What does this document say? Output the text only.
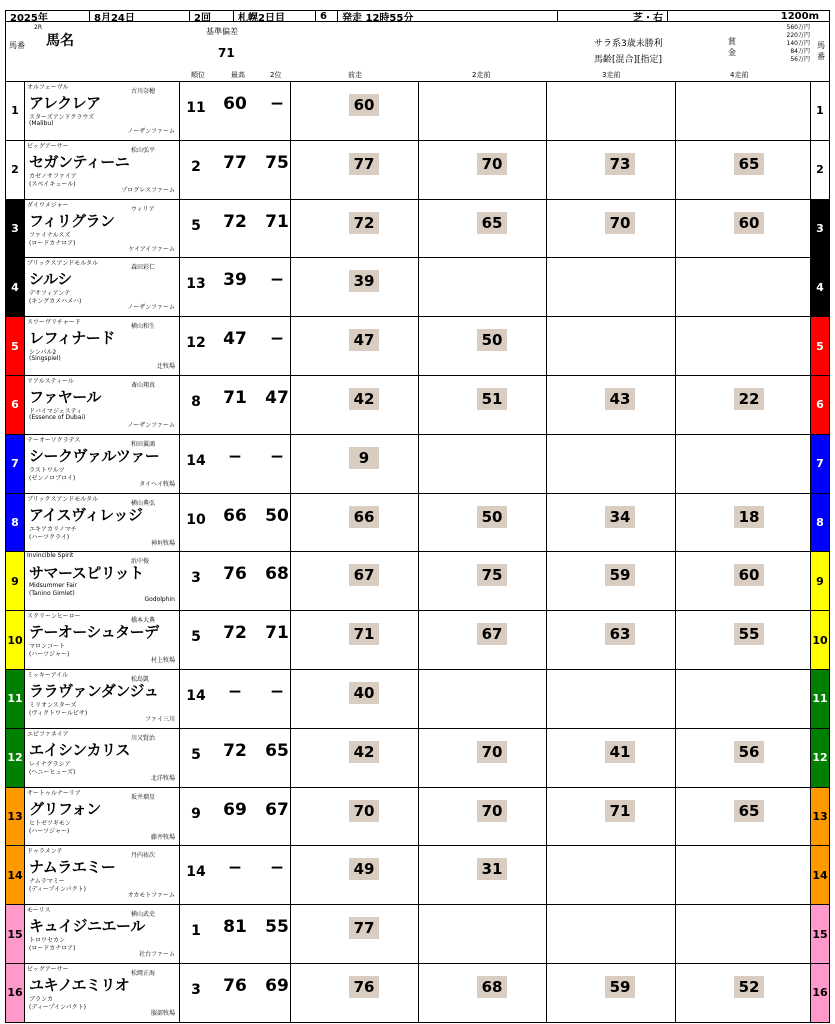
2025年	8月24日	2回	札幌2日目	6	発走 12時55分	芝・右	1200m
馬番
2R
馬名
基準偏差
71
順位	最高	2位	前走	2走前	3走前	4走前
サラ系3歳未勝利
馬齢[混合][指定]
賞金
560万円
220万円
140万円
84万円
56万円
馬番
1	1
オルフェーヴル
アレクレア
スターズアンドクラウズ
(Malibu)
ノーザンファーム
古川奈穂
11	60	−	60
2	2
ビッグアーサー
セガンティーニ
カゼノサファイア
(スペイキュール)
プログレスファーム
松山弘平
2	77	75	77	70	73	65
3	3
ダイワメジャー
フィリグラン
ファイナルスズ
(ロードカナロア)
ケイアイファーム
ウィリア
5	72	71	72	65	70	60
4	4
ブリックスアンドモルタル
シルシ
デサフィアンテ
(キングカメハメハ)
ノーザンファーム
森田彩仁
13	39	−	39
5	5
スワーヴリチャード
レフィナード
シンパル2
(Singspiel)
辻牧場
横山和生
12	47	−	47	50
6	6
リアルスティール
ファヤール
ドバイマジェスティ
(Essence of Dubai)
ノーザンファーム
斎山翔真
8	71	47	42	51	43	22
7	7
テーオーソクラテス
シークヴァルツァー
ラストワルツ
(ゼンノロブロイ)
タイヘイ牧場
和田翼鴻
14	−	−	9
8	8
ブリックスアンドモルタル
アイスヴィレッジ
ユキアカリノマチ
(ハーツクライ)
神垣牧場
横山典弘
10	66	50	66	50	34	18
9	9
Invincible Spirit
サマースピリット
Midsummer Fair
(Tanino Gimlet)
Godolphin
浜中俊
3	76	68	67	75	59	60
10	10
スクリーンヒーロー
テーオーシュターデ
マロンコート
(ハーツジャー)
村上牧場
橋本大典
5	72	71	71	67	63	55
11	11
ミッキーアイル
ララヴァンダンジュ
ミリオンスターズ
(ヴィクトワールピサ)
ファイ三川
松島凱
14	−	−	40
12	12
エピファネイア
エイシンカリス
レイナグラシア
(ヘニーヒューズ)
北洋牧場
川又賢治
5	72	65	42	70	41	56
13	13
サートゥルナーリア
グリフォン
ヒトゼツギモン
(ハーツジャー)
藤井牧場
坂井瑠星
9	69	67	70	70	71	65
14	14
ドゥラメンテ
ナムラエミー
ナムラマミー
(ディープインパクト)
オカモトファーム
丹内祐次
14	−	−	49	31
15	15
モーリス
キュイジニエール
トロワセカン
(ロードカナロア)
社台ファーム
横山武史
1	81	55	77
16	16
ビッグアーサー
ユキノエミリオ
ブランカ
(ディープインパクト)
服部牧場
松岡正海
3	76	69	76	68	59	52
